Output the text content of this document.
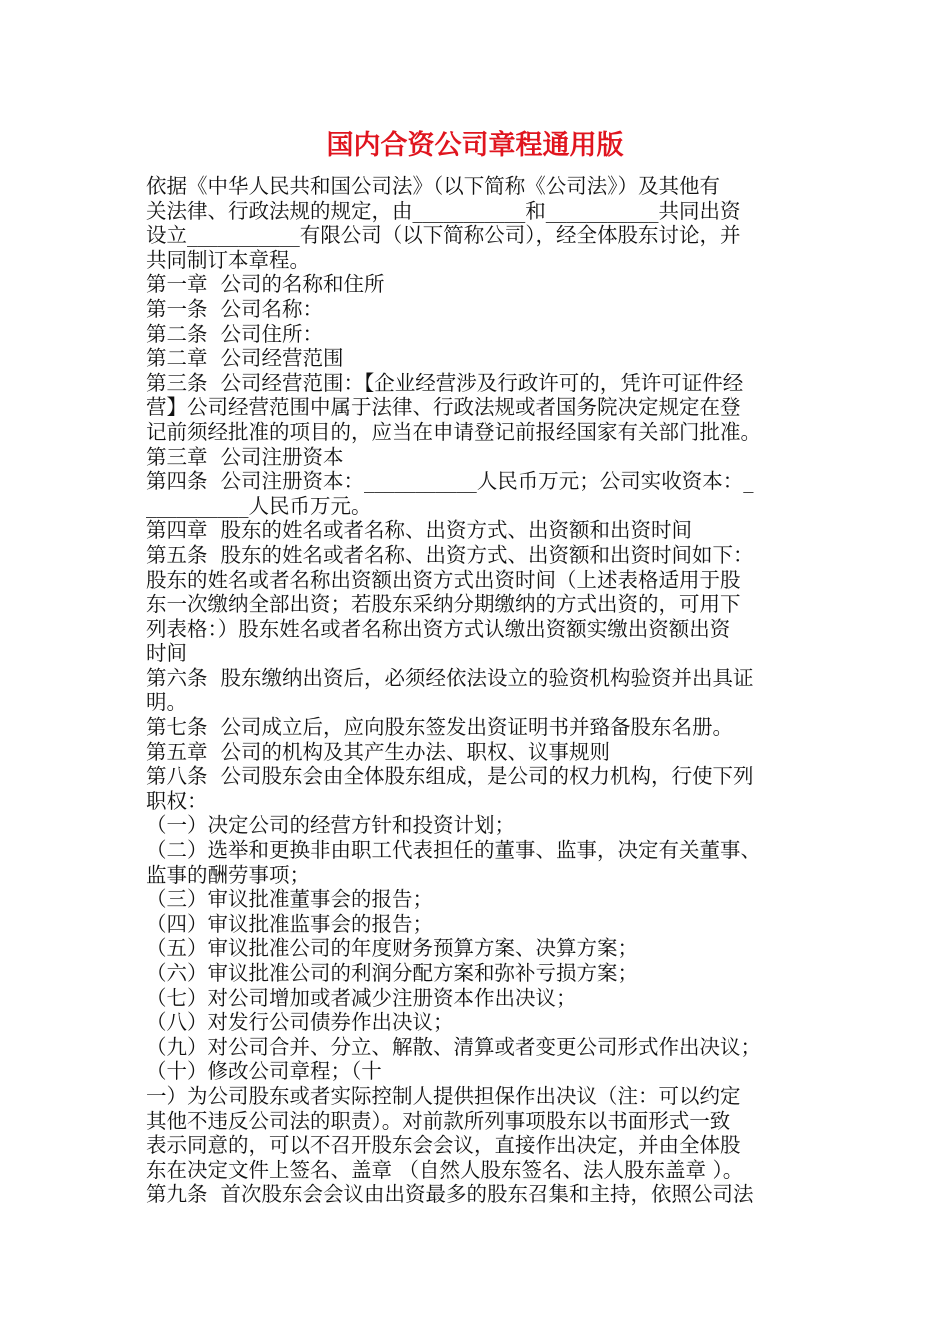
国内合资公司章程通用版
依据《中华人民共和国公司法》（以下简称《公司法》）及其他有
关法律、行政法规的规定，由___________和___________共同出资
设立___________有限公司（以下简称公司），经全体股东讨论，并
共同制订本章程。
第一章  公司的名称和住所
第一条  公司名称：
第二条  公司住所：
第二章  公司经营范围
第三条  公司经营范围：【企业经营涉及行政许可的，凭许可证件经
营】公司经营范围中属于法律、行政法规或者国务院决定规定在登
记前须经批准的项目的，应当在申请登记前报经国家有关部门批准。
第三章  公司注册资本
第四条  公司注册资本：___________人民币万元；公司实收资本：_
__________人民币万元。
第四章  股东的姓名或者名称、出资方式、出资额和出资时间
第五条  股东的姓名或者名称、出资方式、出资额和出资时间如下：
股东的姓名或者名称出资额出资方式出资时间（上述表格适用于股
东一次缴纳全部出资；若股东采纳分期缴纳的方式出资的，可用下
列表格：）股东姓名或者名称出资方式认缴出资额实缴出资额出资
时间
第六条  股东缴纳出资后，必须经依法设立的验资机构验资并出具证
明。
第七条  公司成立后，应向股东签发出资证明书并臵备股东名册。
第五章  公司的机构及其产生办法、职权、议事规则
第八条  公司股东会由全体股东组成，是公司的权力机构，行使下列
职权：
（一）决定公司的经营方针和投资计划；
（二）选举和更换非由职工代表担任的董事、监事，决定有关董事、
监事的酬劳事项；
（三）审议批准董事会的报告；
（四）审议批准监事会的报告；
（五）审议批准公司的年度财务预算方案、决算方案；
（六）审议批准公司的利润分配方案和弥补亏损方案；
（七）对公司增加或者减少注册资本作出决议；
（八）对发行公司债券作出决议；
（九）对公司合并、分立、解散、清算或者变更公司形式作出决议；
（十）修改公司章程；（十
一）为公司股东或者实际控制人提供担保作出决议（注：可以约定
其他不违反公司法的职责）。对前款所列事项股东以书面形式一致
表示同意的，可以不召开股东会会议，直接作出决定，并由全体股
东在决定文件上签名、盖章 （自然人股东签名、法人股东盖章 ）。
第九条  首次股东会会议由出资最多的股东召集和主持，依照公司法
